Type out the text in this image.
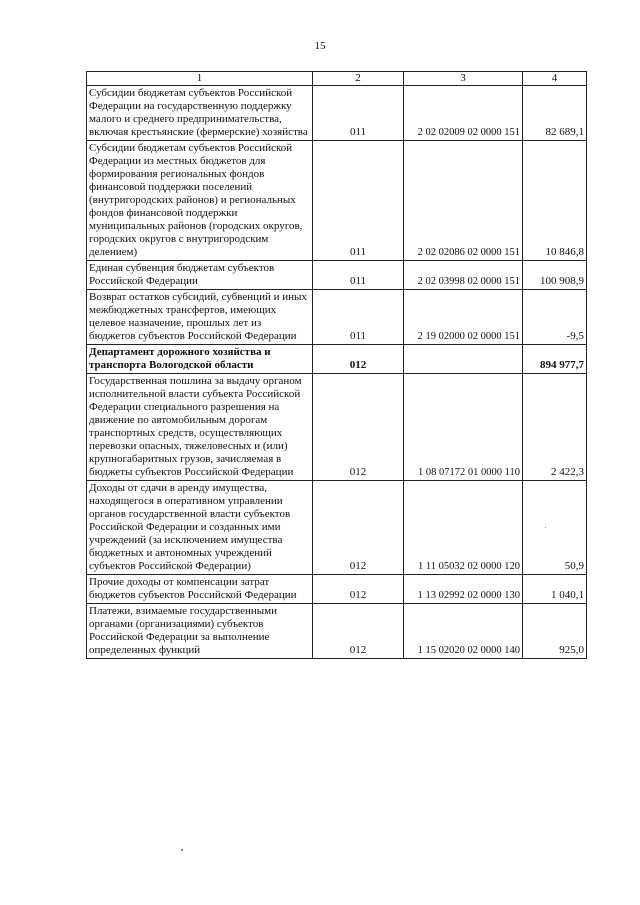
15
1	2	3	4
Субсидии бюджетам субъектов Российской Федерации на государственную поддержку малого и среднего предпринимательства, включая крестьянские (фермерские) хозяйства	011	2 02 02009 02 0000 151	82 689,1
Субсидии бюджетам субъектов Российской Федерации из местных бюджетов для формирования региональных фондов финансовой поддержки поселений (внутригородских районов) и региональных фондов финансовой поддержки муниципальных районов (городских округов, городских округов с внутригородским делением)	011	2 02 02086 02 0000 151	10 846,8
Единая субвенция бюджетам субъектов Российской Федерации	011	2 02 03998 02 0000 151	100 908,9
Возврат остатков субсидий, субвенций и иных межбюджетных трансфертов, имеющих целевое назначение, прошлых лет из бюджетов субъектов Российской Федерации	011	2 19 02000 02 0000 151	-9,5
Департамент дорожного хозяйства и транспорта Вологодской области	012		894 977,7
Государственная пошлина за выдачу органом исполнительной власти субъекта Российской Федерации специального разрешения на движение по автомобильным дорогам транспортных средств, осуществляющих перевозки опасных, тяжеловесных и (или) крупногабаритных грузов, зачисляемая в бюджеты субъектов Российской Федерации	012	1 08 07172 01 0000 110	2 422,3
Доходы от сдачи в аренду имущества, находящегося в оперативном управлении органов государственной власти субъектов Российской Федерации и созданных ими учреждений (за исключением имущества бюджетных и автономных учреждений субъектов Российской Федерации)	012	1 11 05032 02 0000 120	50,9
Прочие доходы от компенсации затрат бюджетов субъектов Российской Федерации	012	1 13 02992 02 0000 130	1 040,1
Платежи, взимаемые государственными органами (организациями) субъектов Российской Федерации за выполнение определенных функций	012	1 15 02020 02 0000 140	925,0
